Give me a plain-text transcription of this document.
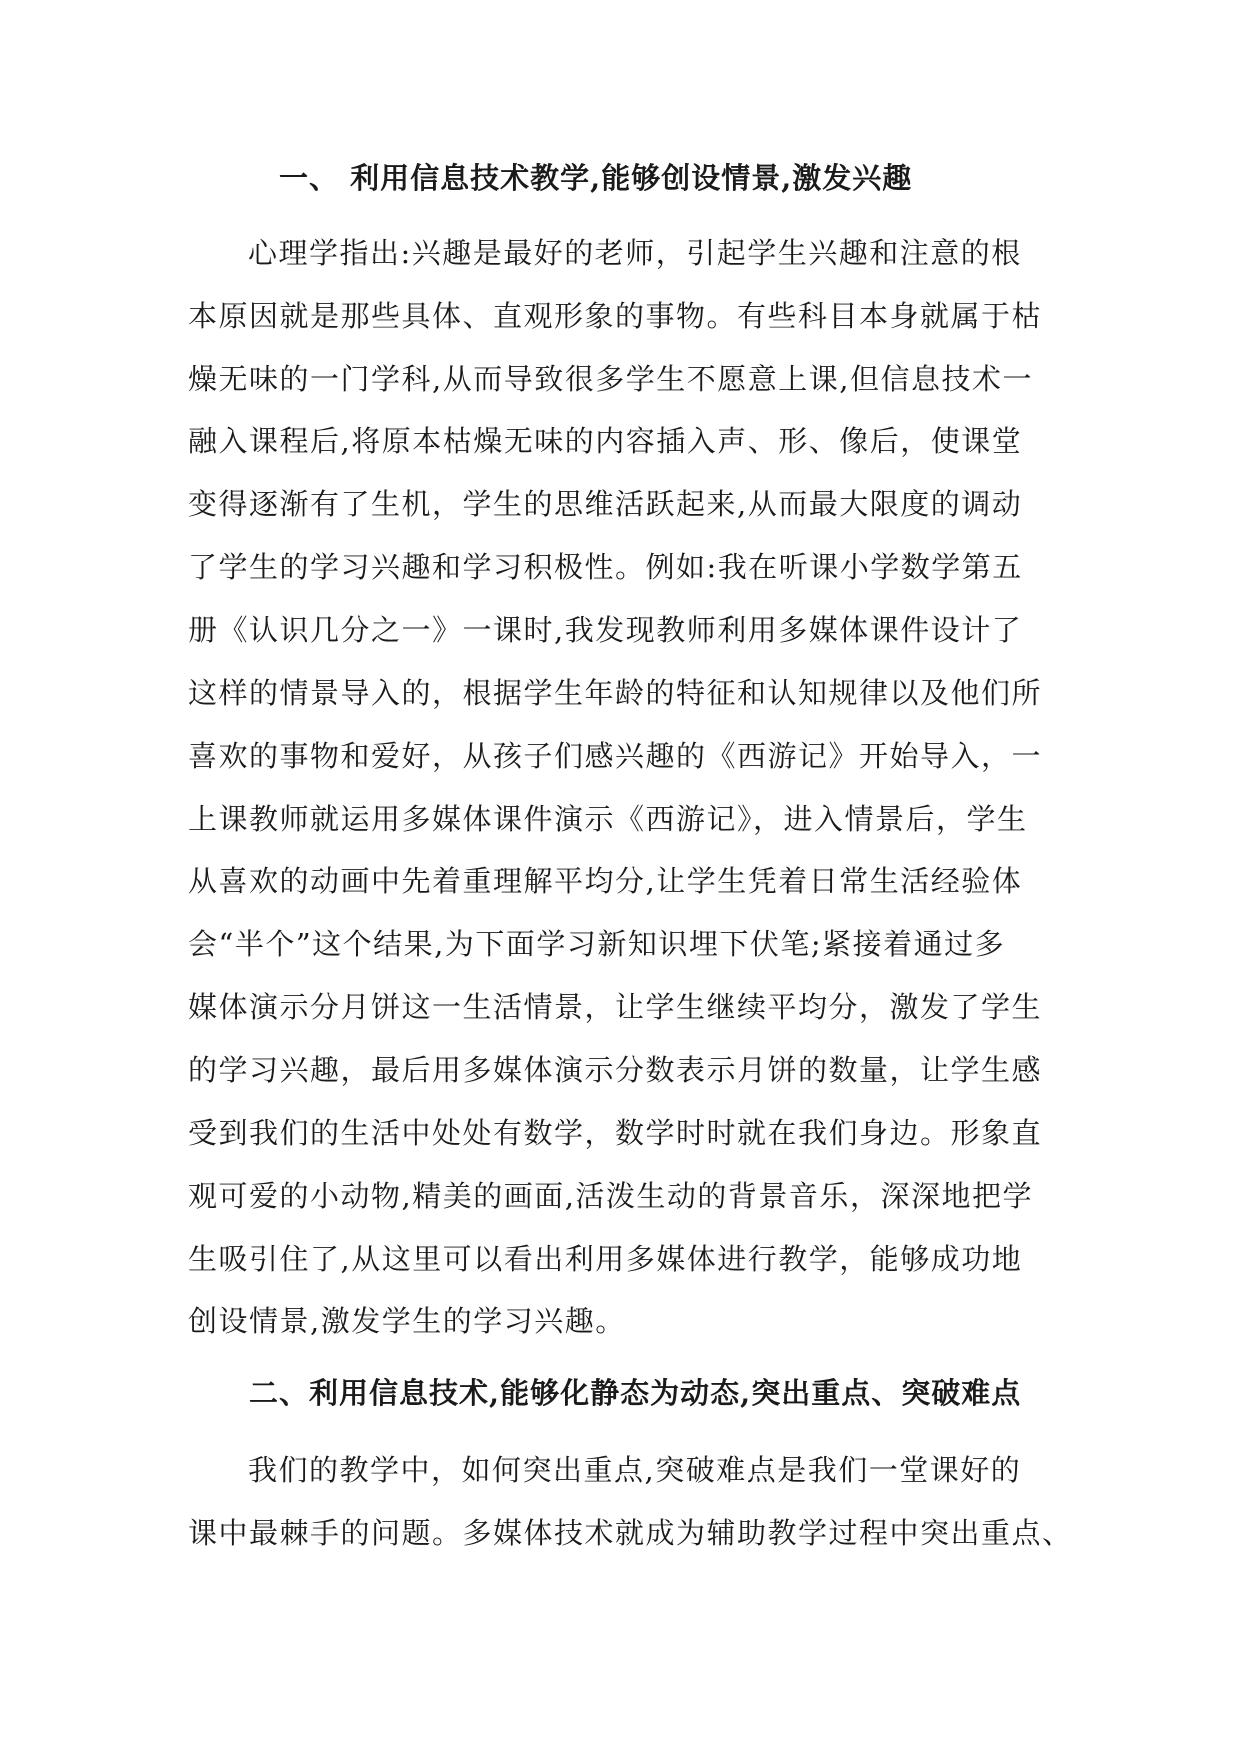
一、 利用信息技术教学,能够创设情景,激发兴趣
心理学指出:兴趣是最好的老师，引起学生兴趣和注意的根
本原因就是那些具体、直观形象的事物。有些科目本身就属于枯
燥无味的一门学科,从而导致很多学生不愿意上课,但信息技术一
融入课程后,将原本枯燥无味的内容插入声、形、像后，使课堂
变得逐渐有了生机，学生的思维活跃起来,从而最大限度的调动
了学生的学习兴趣和学习积极性。例如:我在听课小学数学第五
册《认识几分之一》一课时,我发现教师利用多媒体课件设计了
这样的情景导入的，根据学生年龄的特征和认知规律以及他们所
喜欢的事物和爱好，从孩子们感兴趣的《西游记》开始导入，一
上课教师就运用多媒体课件演示《西游记》，进入情景后，学生
从喜欢的动画中先着重理解平均分,让学生凭着日常生活经验体
会“半个”这个结果,为下面学习新知识埋下伏笔;紧接着通过多
媒体演示分月饼这一生活情景，让学生继续平均分，激发了学生
的学习兴趣，最后用多媒体演示分数表示月饼的数量，让学生感
受到我们的生活中处处有数学，数学时时就在我们身边。形象直
观可爱的小动物,精美的画面,活泼生动的背景音乐，深深地把学
生吸引住了,从这里可以看出利用多媒体进行教学，能够成功地
创设情景,激发学生的学习兴趣。
二、利用信息技术,能够化静态为动态,突出重点、突破难点
我们的教学中，如何突出重点,突破难点是我们一堂课好的
课中最棘手的问题。多媒体技术就成为辅助教学过程中突出重点、
